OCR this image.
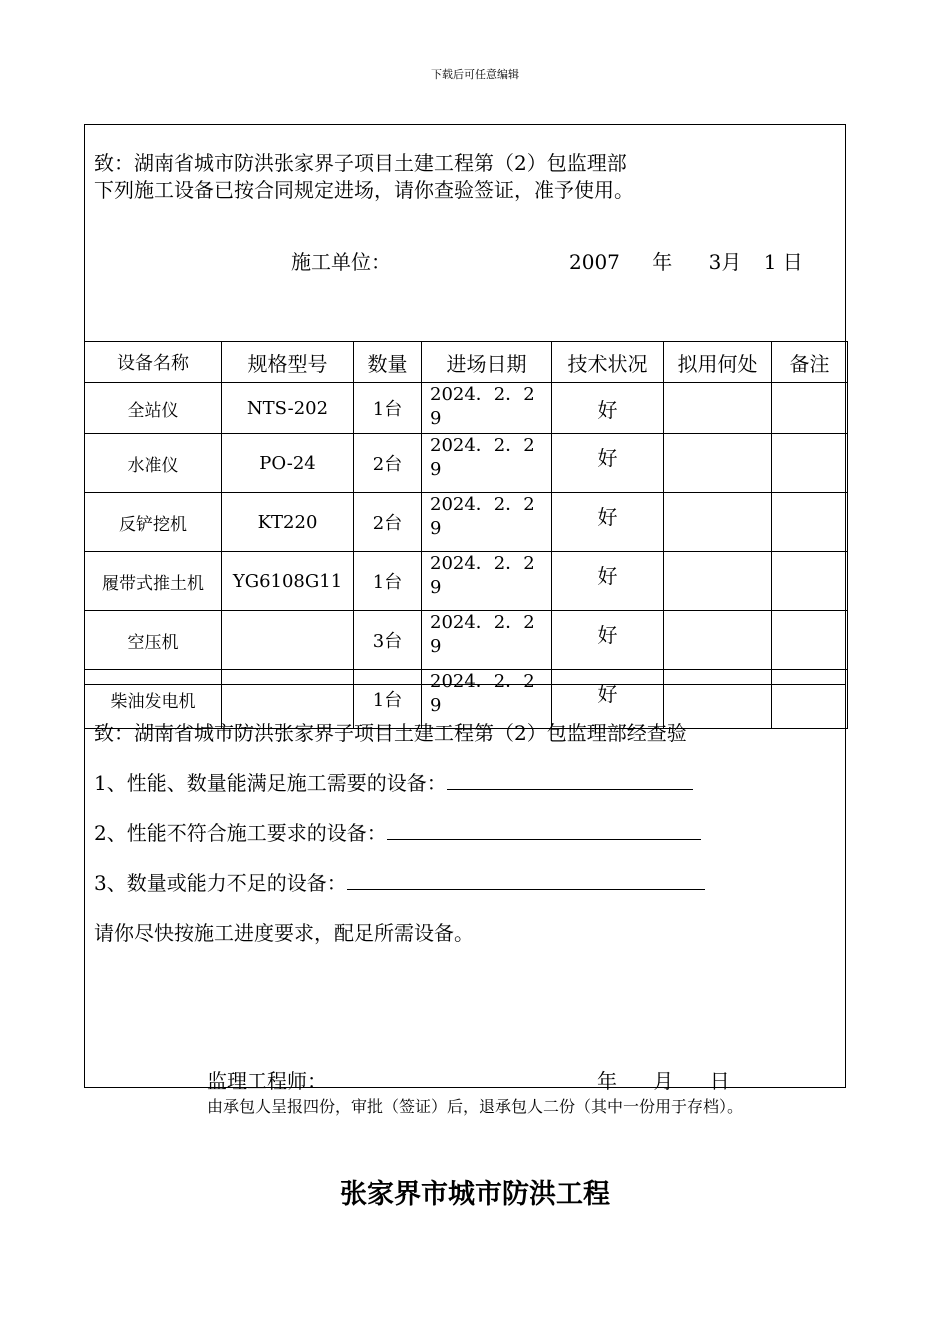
下载后可任意编辑
致：湖南省城市防洪张家界子项目土建工程第（2）包监理部
下列施工设备已按合同规定进场，请你查验签证，准予使用。
施工单位：	2007 年 3月 1 日
设备名称	规格型号	数量	进场日期	技术状况	拟用何处	备注
全站仪	NTS-202	1台	2024．2．29	好		
水准仪	PO-24	2台	2024．2．29	好		
反铲挖机	KT220	2台	2024．2．29	好		
履带式推土机	YG6108G11	1台	2024．2．29	好		
空压机		3台	2024．2．29	好		
柴油发电机		1台	2024．2．29	好		
致：湖南省城市防洪张家界子项目土建工程第（2）包监理部经查验
1、性能、数量能满足施工需要的设备：
2、性能不符合施工要求的设备：
3、数量或能力不足的设备：
请你尽快按施工进度要求，配足所需设备。
监理工程师：	年 月 日
由承包人呈报四份，审批（签证）后，退承包人二份（其中一份用于存档）。
张家界市城市防洪工程
